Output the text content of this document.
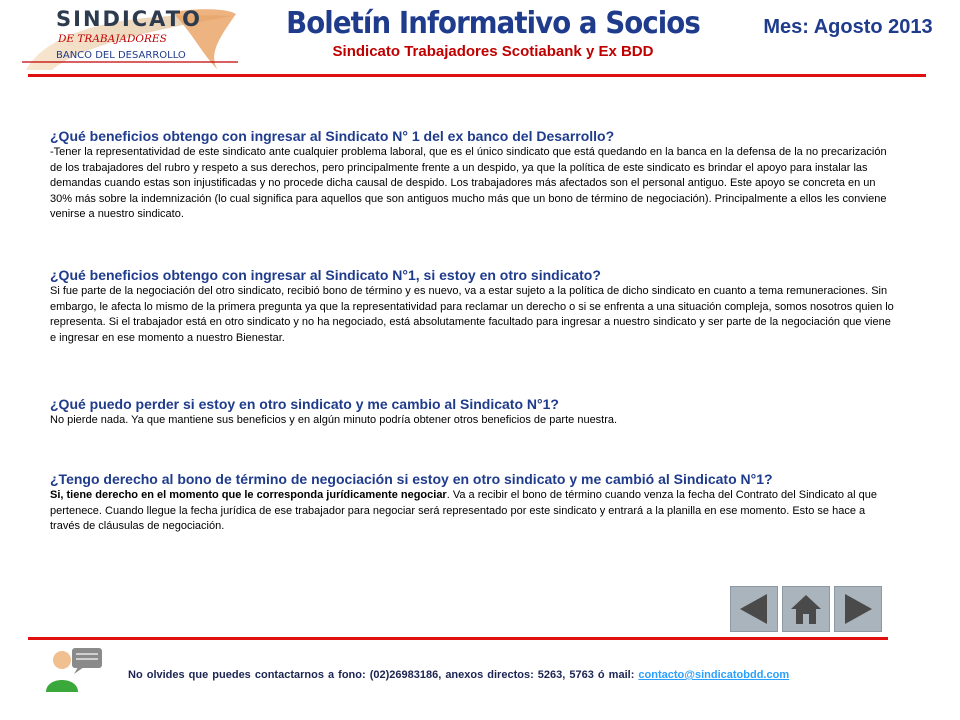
SINDICATO
DE TRABAJADORES
BANCO DEL DESARROLLO
Boletín Informativo a Socios
Sindicato Trabajadores Scotiabank y Ex BDD
Mes: Agosto 2013

¿Qué beneficios obtengo con ingresar al Sindicato N° 1 del ex banco del Desarrollo?

-Tener la representatividad de este sindicato ante cualquier problema laboral, que es el único sindicato que está quedando en la banca en la defensa de la no precarización de los trabajadores del rubro y respeto a sus derechos, pero principalmente frente a un despido, ya que la política de este sindicato es brindar el apoyo para instalar las demandas cuando estas son injustificadas y no procede dicha causal de despido. Los trabajadores más afectados son el personal antiguo. Este apoyo se concreta en un 30% más sobre la indemnización (lo cual significa para aquellos que son antiguos mucho más que un bono de término de negociación). Principalmente a ellos les conviene venirse a nuestro sindicato.

¿Qué beneficios obtengo con ingresar al Sindicato N°1, si estoy en otro sindicato?

Si fue parte de la negociación del otro sindicato, recibió bono de término y es nuevo, va a estar sujeto a la política de dicho sindicato en cuanto a tema remuneraciones. Sin embargo, le afecta lo mismo de la primera pregunta ya que la representatividad para reclamar un derecho o si se enfrenta a una situación compleja, somos nosotros quien lo representa. Si el trabajador está en otro sindicato y no ha negociado, está absolutamente facultado para ingresar a nuestro sindicato y ser parte de la negociación que viene e ingresar en ese momento a nuestro Bienestar.

¿Qué puedo perder si estoy en otro sindicato y me cambio al Sindicato N°1?

No pierde nada. Ya que mantiene sus beneficios y en algún minuto podría obtener otros beneficios de parte nuestra.

¿Tengo derecho al bono de término de negociación si estoy en otro sindicato y me cambió al Sindicato N°1?

Si, tiene derecho en el momento que le corresponda jurídicamente negociar. Va a recibir el bono de término cuando venza la fecha del Contrato del Sindicato al que pertenece. Cuando llegue la fecha jurídica de ese trabajador para negociar será representado por este sindicato y entrará a la planilla en ese momento. Esto se hace a través de cláusulas de negociación.

No olvides que puedes contactarnos a fono: (02)26983186, anexos directos: 5263, 5763 ó mail: contacto@sindicatobdd.com
